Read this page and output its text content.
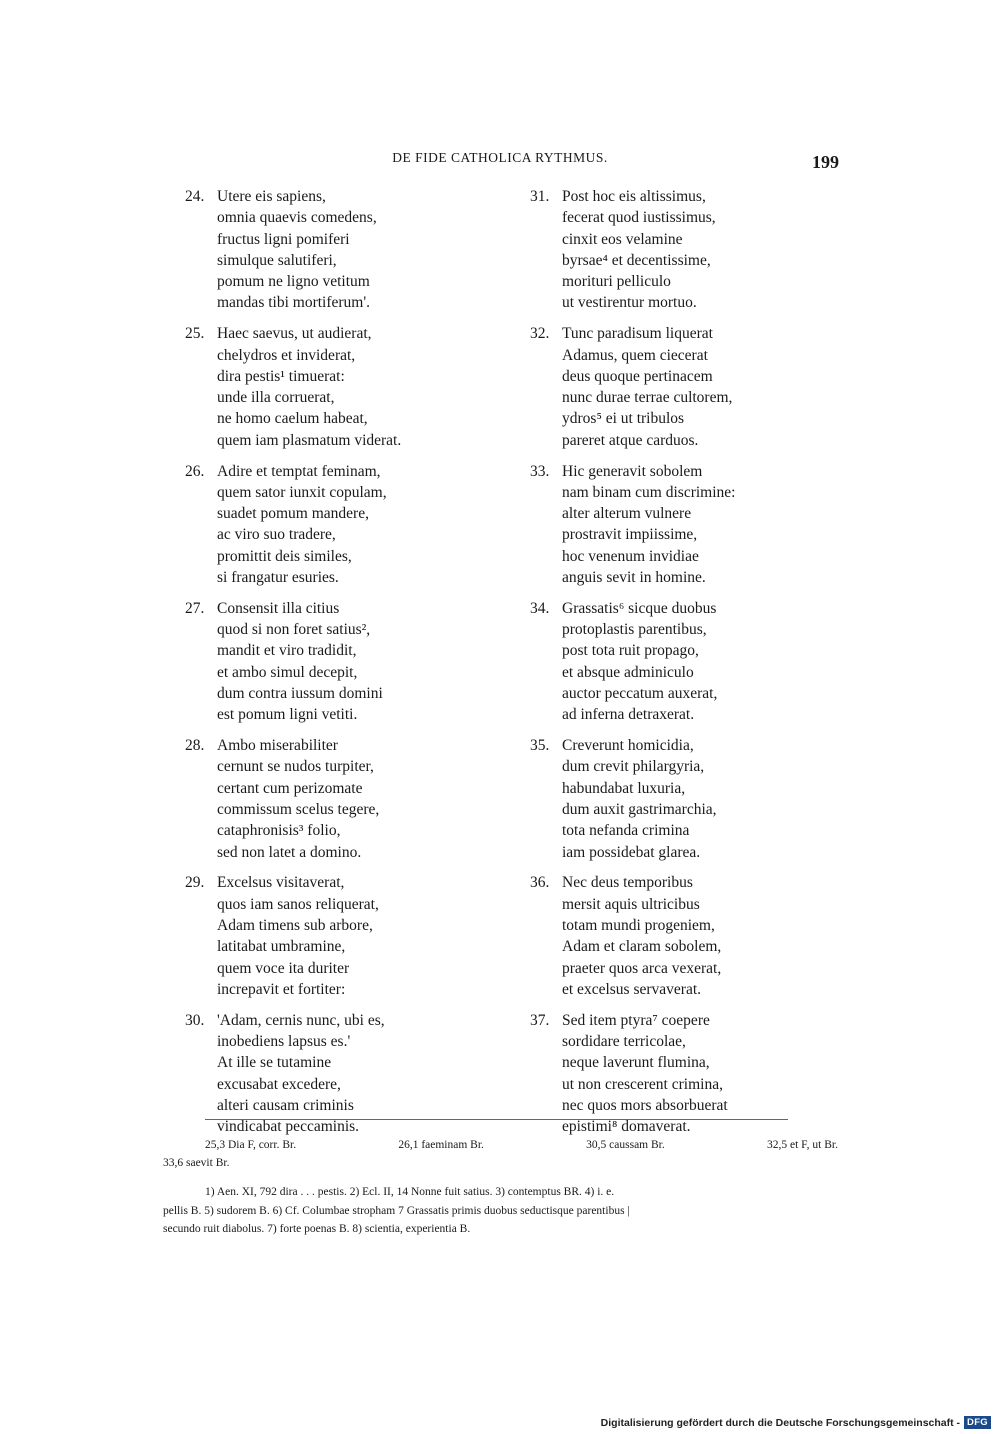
DE FIDE CATHOLICA RYTHMUS.	199
24. Utere eis sapiens,
omnia quaevis comedens,
fructus ligni pomiferi
simulque salutiferi,
pomum ne ligno vetitum
mandas tibi mortiferum'.
25. Haec saevus, ut audierat,
chelydros et inviderat,
dira pestis¹ timuerat:
unde illa corruerat,
ne homo caelum habeat,
quem iam plasmatum viderat.
26. Adire et temptat feminam,
quem sator iunxit copulam,
suadet pomum mandere,
ac viro suo tradere,
promittit deis similes,
si frangatur esuries.
27. Consensit illa citius
quod si non foret satius²,
mandit et viro tradidit,
et ambo simul decepit,
dum contra iussum domini
est pomum ligni vetiti.
28. Ambo miserabiliter
cernunt se nudos turpiter,
certant cum perizomate
commissum scelus tegere,
cataphronisis³ folio,
sed non latet a domino.
29. Excelsus visitaverat,
quos iam sanos reliquerat,
Adam timens sub arbore,
latitabat umbramine,
quem voce ita duriter
increpavit et fortiter:
30. 'Adam, cernis nunc, ubi es,
inobediens lapsus es.'
At ille se tutamine
excusabat excedere,
alteri causam criminis
vindicabat peccaminis.
31. Post hoc eis altissimus,
fecerat quod iustissimus,
cinxit eos velamine
byrsae⁴ et decentissime,
morituri pelliculo
ut vestirentur mortuo.
32. Tunc paradisum liquerat
Adamus, quem ciecerat
deus quoque pertinacem
nunc durae terrae cultorem,
ydros⁵ ei ut tribulos
pareret atque carduos.
33. Hic generavit sobolem
nam binam cum discrimine:
alter alterum vulnere
prostravit impiissime,
hoc venenum invidiae
anguis sevit in homine.
34. Grassatis⁶ sicque duobus
protoplastis parentibus,
post tota ruit propago,
et absque adminiculo
auctor peccatum auxerat,
ad inferna detraxerat.
35. Creverunt homicidia,
dum crevit philargyria,
habundabat luxuria,
dum auxit gastrimarchia,
tota nefanda crimina
iam possidebat glarea.
36. Nec deus temporibus
mersit aquis ultricibus
totam mundi progeniem,
Adam et claram sobolem,
praeter quos arca vexerat,
et excelsus servaverat.
37. Sed item ptyra⁷ coepere
sordidare terricolae,
neque laverunt flumina,
ut non crescerent crimina,
nec quos mors absorbuerat
epistimi⁸ domaverat.
25,3 Dia F, corr. Br.	26,1 faeminam Br.	30,5 caussam Br.	32,5 et F, ut Br.
33,6 saevit Br.
1) Aen. XI, 792 dira . . . pestis. 2) Ecl. II, 14 Nonne fuit satius. 3) contemptus BR. 4) i. e.
pellis B. 5) sudorem B. 6) Cf. Columbae stropham 7 Grassatis primis duobus seductisque parentibus |
secundo ruit diabolus. 7) forte poenas B. 8) scientia, experientia B.
Digitalisierung gefördert durch die Deutsche Forschungsgemeinschaft - DFG
